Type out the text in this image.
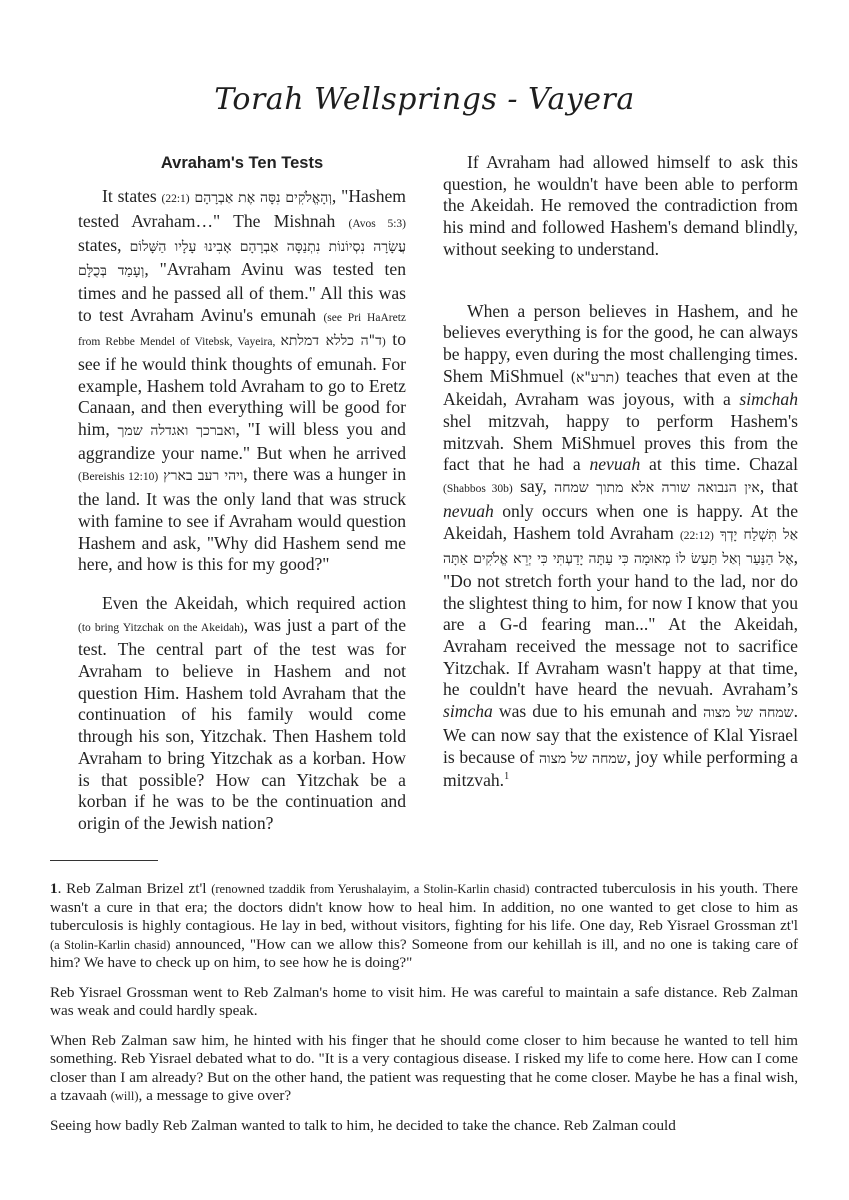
Torah Wellsprings - Vayera
Avraham's Ten Tests

It states (22:1) וְהָאֱלֹקִים נִסָּה אֶת אַבְרָהָם, "Hashem tested Avraham…" The Mishnah (Avos 5:3) states, עֲשָׂרָה נִסְיוֹנוֹת נִתְנַסָּה אַבְרָהָם אָבִינוּ עָלָיו הַשָּׁלוֹם וְעָמַד בְּכֻלָּם, "Avraham Avinu was tested ten times and he passed all of them." All this was to test Avraham Avinu's emunah (see Pri HaAretz from Rebbe Mendel of Vitebsk, Vayeira, ד"ה כללא דמלתא) to see if he would think thoughts of emunah. For example, Hashem told Avraham to go to Eretz Canaan, and then everything will be good for him, ואברכך ואגדלה שמך, "I will bless you and aggrandize your name." But when he arrived (Bereishis 12:10) ויהי רעב בארץ, there was a hunger in the land. It was the only land that was struck with famine to see if Avraham would question Hashem and ask, "Why did Hashem send me here, and how is this for my good?"

Even the Akeidah, which required action (to bring Yitzchak on the Akeidah), was just a part of the test. The central part of the test was for Avraham to believe in Hashem and not question Him. Hashem told Avraham that the continuation of his family would come through his son, Yitzchak. Then Hashem told Avraham to bring Yitzchak as a korban. How is that possible? How can Yitzchak be a korban if he was to be the continuation and origin of the Jewish nation?

If Avraham had allowed himself to ask this question, he wouldn't have been able to perform the Akeidah. He removed the contradiction from his mind and followed Hashem's demand blindly, without seeking to understand.

When a person believes in Hashem, and he believes everything is for the good, he can always be happy, even during the most challenging times. Shem MiShmuel (תרע"א) teaches that even at the Akeidah, Avraham was joyous, with a simchah shel mitzvah, happy to perform Hashem's mitzvah. Shem MiShmuel proves this from the fact that he had a nevuah at this time. Chazal (Shabbos 30b) say, אין הנבואה שורה אלא מתוך שמחה, that nevuah only occurs when one is happy. At the Akeidah, Hashem told Avraham (22:12) אַל תִּשְׁלַח יָדְךָ אֶל הַנַּעַר וְאַל תַּעַשׂ לוֹ מְאוּמָה כִּי עַתָּה יָדַעְתִּי כִּי יְרֵא אֱלֹקִים אַתָּה, "Do not stretch forth your hand to the lad, nor do the slightest thing to him, for now I know that you are a G-d fearing man..." At the Akeidah, Avraham received the message not to sacrifice Yitzchak. If Avraham wasn't happy at that time, he couldn't have heard the nevuah. Avraham’s simcha was due to his emunah and שמחה של מצוה. We can now say that the existence of Klal Yisrael is because of שמחה של מצוה, joy while performing a mitzvah.$^1$

1. Reb Zalman Brizel zt'l (renowned tzaddik from Yerushalayim, a Stolin-Karlin chasid) contracted tuberculosis in his youth. There wasn't a cure in that era; the doctors didn't know how to heal him. In addition, no one wanted to get close to him as tuberculosis is highly contagious. He lay in bed, without visitors, fighting for his life. One day, Reb Yisrael Grossman zt'l (a Stolin-Karlin chasid) announced, "How can we allow this? Someone from our kehillah is ill, and no one is taking care of him? We have to check up on him, to see how he is doing?"

Reb Yisrael Grossman went to Reb Zalman's home to visit him. He was careful to maintain a safe distance. Reb Zalman was weak and could hardly speak.

When Reb Zalman saw him, he hinted with his finger that he should come closer to him because he wanted to tell him something. Reb Yisrael debated what to do. "It is a very contagious disease. I risked my life to come here. How can I come closer than I am already? But on the other hand, the patient was requesting that he come closer. Maybe he has a final wish, a tzavaah (will), a message to give over?

Seeing how badly Reb Zalman wanted to talk to him, he decided to take the chance. Reb Zalman could
